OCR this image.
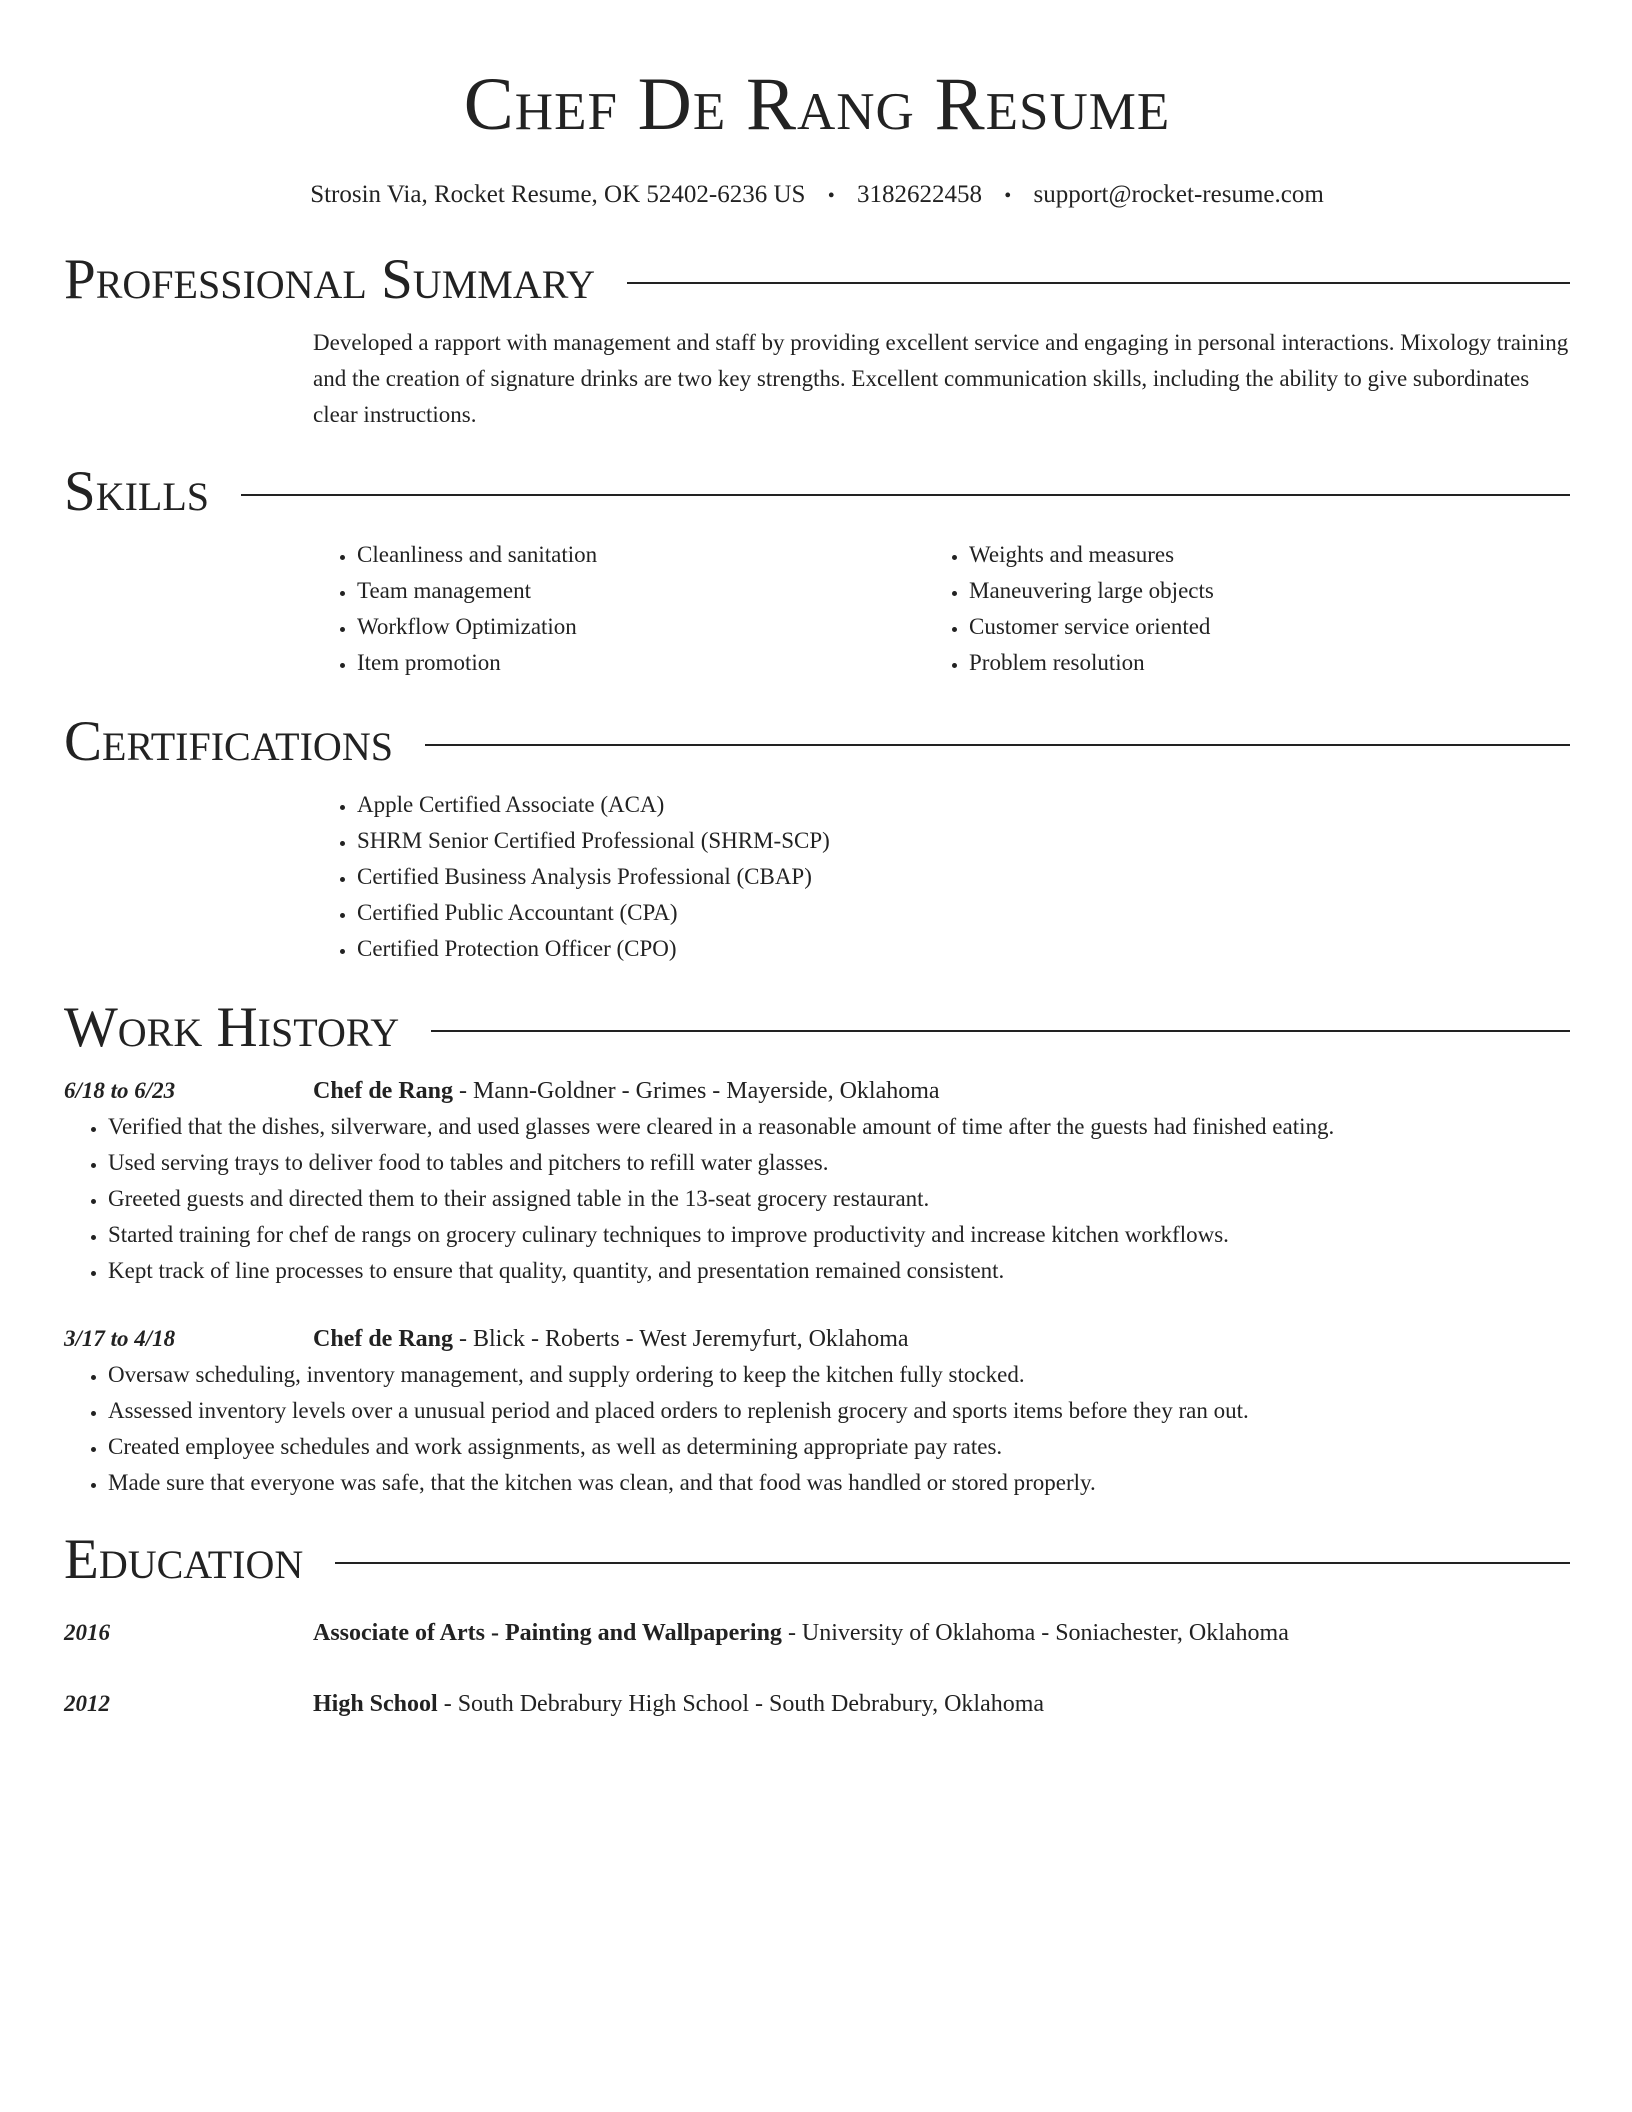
Chef De Rang Resume
Strosin Via, Rocket Resume, OK 52402-6236 US • 3182622458 • support@rocket-resume.com
Professional Summary
Developed a rapport with management and staff by providing excellent service and engaging in personal interactions. Mixology training and the creation of signature drinks are two key strengths. Excellent communication skills, including the ability to give subordinates clear instructions.
Skills
• Cleanliness and sanitation
• Team management
• Workflow Optimization
• Item promotion
• Weights and measures
• Maneuvering large objects
• Customer service oriented
• Problem resolution
Certifications
• Apple Certified Associate (ACA)
• SHRM Senior Certified Professional (SHRM-SCP)
• Certified Business Analysis Professional (CBAP)
• Certified Public Accountant (CPA)
• Certified Protection Officer (CPO)
Work History
6/18 to 6/23	Chef de Rang - Mann-Goldner - Grimes - Mayerside, Oklahoma
• Verified that the dishes, silverware, and used glasses were cleared in a reasonable amount of time after the guests had finished eating.
• Used serving trays to deliver food to tables and pitchers to refill water glasses.
• Greeted guests and directed them to their assigned table in the 13-seat grocery restaurant.
• Started training for chef de rangs on grocery culinary techniques to improve productivity and increase kitchen workflows.
• Kept track of line processes to ensure that quality, quantity, and presentation remained consistent.
3/17 to 4/18	Chef de Rang - Blick - Roberts - West Jeremyfurt, Oklahoma
• Oversaw scheduling, inventory management, and supply ordering to keep the kitchen fully stocked.
• Assessed inventory levels over a unusual period and placed orders to replenish grocery and sports items before they ran out.
• Created employee schedules and work assignments, as well as determining appropriate pay rates.
• Made sure that everyone was safe, that the kitchen was clean, and that food was handled or stored properly.
Education
2016	Associate of Arts - Painting and Wallpapering - University of Oklahoma - Soniachester, Oklahoma
2012	High School - South Debrabury High School - South Debrabury, Oklahoma
